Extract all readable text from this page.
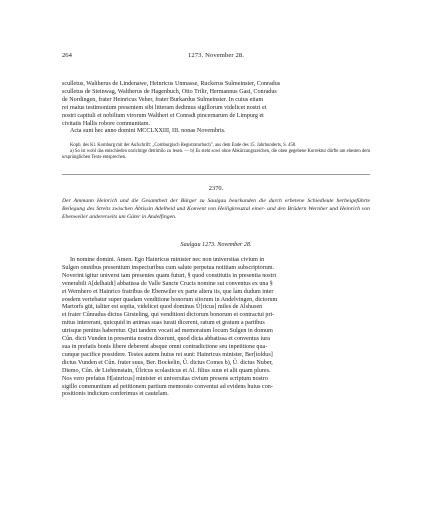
264	1273. November 28.
sculletus, Waltherus de Lindenawe, Heinricus Unmasse, Ruckerus Sulmeinster, Conradus
sculletus de Steinwag, Waltherus de Hagenbuch, Otto Trilir, Hermannus Gast, Conradus
de Nordingen, frater Heinricus Veher, frater Burkardus Sulmeinster. In cuius etiam
rei maius testimonium presentem sibi litteram dedimus sigillorum videlicet nostri et
nostri capituli et nobilium virorum Waltheri et Conradi pincernarum de Limpurg et
civitatis Hallis robore communitam.
Acta sunt hec anno domini MCCLXXIII, III. nonas Novembris.
Kopb. des Kl. Komburg mit der Aufschrift: „Comburgisch Registraturbuch", aus dem Ende des 15. Jahrhunderts, S. 458.
a) So ist wohl das entschieden unrichtige detrimilo zu lesen. — b) Es steht sowi ohne Abkürzungszeichen, die oben gegebene Korrektur dürfte am ehesten dem ursprünglichen Texte entsprechen.
2370.
Der Ammann Heinrich und die Gesamtheit der Bürger zu Saulgau beurkunden die durch erbetene Schiedleute herbeigeführte Beilegung des Streits zwischen Äbtissin Adelheid und Konvent von Heiligkreuztal einer- und den Brüdern Wernher und Heinrich von Ebenweiler andererseits um Güter in Andelfingen.
Saulgau 1273. November 28.
In nomine domini. Amen. Ego Hainricus minister nec non universitas civium in
Sulgen omnibus presentium inspecturibus cum salute perpetua notitiam subscriptorum.
Noverint igitur universi tam presentes quam futuri, § quod constitutis in presentia nostri
venerabili A[delhaidi] abbatissa de Valle Sancte Crucis nomine sui conventus ex una §
et Wernhero et Hainrico fratribus de Ebenwiler ex parte altera iis, que lam dudum inter
eosdem vertebatur super quadam venditione bonorum sitorum in Andelvingen, dictorum
Martorfs güt, taliter est sopita, videlicet quod dominus Ů[ricus] miles de Alshusen
et frater Cůnradus dictus Girsteling, qui venditioni dictorum bonorum et contractui pri-
mitus intererant, quicquid in animas suas iurati dicerent, ratum et gratum a partibus
utrisque penitus haberetur. Qui tandem vocati ad memoratum locum Sulgen in domum
Cůn. dicti Vunden in presentia nostra dixerunt, quod dicta abbatissa et conventus iura
sua in prefatis bonis libere deberent absque omni contradictione seu inpetitione qua-
cunque pacifice possidere. Testes autem huius rei sunt: Hainricus minister, Ber[toldus]
dictus Vunden et Cůn. frater suus, Ber. Bockelin, Ů. dictus Comes b), Ů. dictus Nuber,
Diemo, Cůn. de Liehtenstain, Ůlricus scolasticus et Al. filius suus et alii quam plures.
Nos vero prefatus H[ainricus] minister et universitas civium presens scriptum nostro
sigillo communitum ad petitionem partium memorato conventui ad evidens huius con-
positionis indicium conferimus et cautelam.
